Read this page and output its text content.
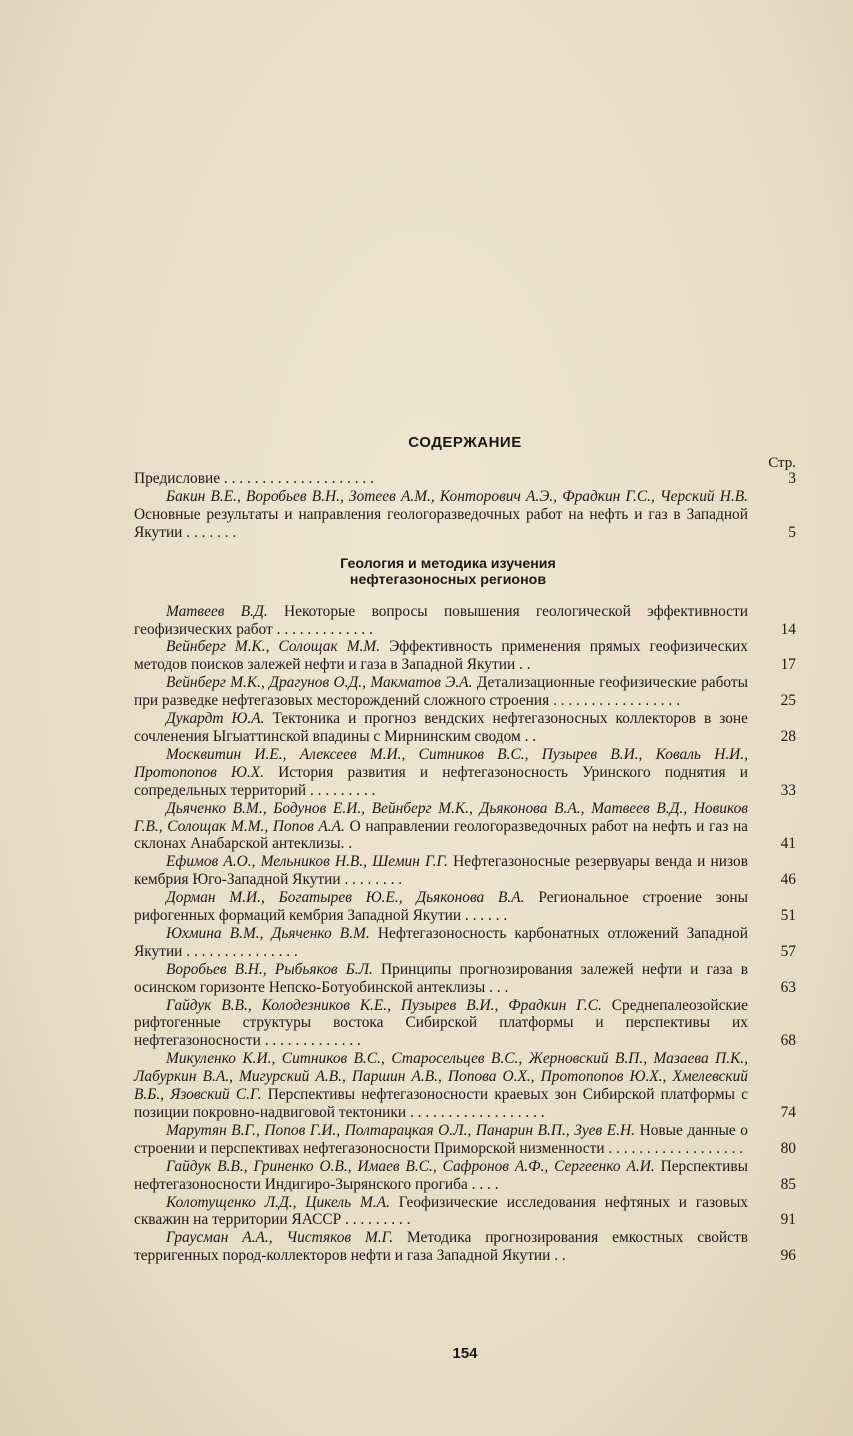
СОДЕРЖАНИЕ
Стр.
Предисловие . . . . . . . . . . . . . . . . . . . .	3
Бакин В.Е., Воробьев В.Н., Зотеев А.М., Конторович А.Э., Фрадкин Г.С., Черский Н.В. Основные результаты и направления геологоразведочных работ на нефть и газ в Западной Якутии . . . . . . .	5
Геология и методика изучения
нефтегазоносных регионов
Матвеев В.Д. Некоторые вопросы повышения геологической эффективности геофизических работ . . . . . . . . . . . . .	14
Вейнберг М.К., Солощак М.М. Эффективность применения прямых геофизических методов поисков залежей нефти и газа в Западной Якутии . .	17
Вейнберг М.К., Драгунов О.Д., Макматов Э.А. Детализационные геофизические работы при разведке нефтегазовых месторождений сложного строения . . . . . . . . . . . . . . . . .	25
Дукардт Ю.А. Тектоника и прогноз вендских нефтегазоносных коллекторов в зоне сочленения Ыгыаттинской впадины с Мирнинским сводом . .	28
Москвитин И.Е., Алексеев М.И., Ситников В.С., Пузырев В.И., Коваль Н.И., Протопопов Ю.Х. История развития и нефтегазоносность Уринского поднятия и сопредельных территорий . . . . . . . . .	33
Дьяченко В.М., Бодунов Е.И., Вейнберг М.К., Дьяконова В.А., Матвеев В.Д., Новиков Г.В., Солощак М.М., Попов А.А. О направлении геологоразведочных работ на нефть и газ на склонах Анабарской антеклизы. .	41
Ефимов А.О., Мельников Н.В., Шемин Г.Г. Нефтегазоносные резервуары венда и низов кембрия Юго-Западной Якутии . . . . . . . .	46
Дорман М.И., Богатырев Ю.Е., Дьяконова В.А. Региональное строение зоны рифогенных формаций кембрия Западной Якутии . . . . . .	51
Юхмина В.М., Дьяченко В.М. Нефтегазоносность карбонатных отложений Западной Якутии . . . . . . . . . . . . . . .	57
Воробьев В.Н., Рыбьяков Б.Л. Принципы прогнозирования залежей нефти и газа в осинском горизонте Непско-Ботуобинской антеклизы . . .	63
Гайдук В.В., Колодезников К.Е., Пузырев В.И., Фрадкин Г.С. Среднепалеозойские рифтогенные структуры востока Сибирской платформы и перспективы их нефтегазоносности . . . . . . . . . . . . .	68
Микуленко К.И., Ситников В.С., Старосельцев В.С., Жерновский В.П., Мазаева П.К., Лабуркин В.А., Мигурский А.В., Паршин А.В., Попова О.Х., Протопопов Ю.Х., Хмелевский В.Б., Язовский С.Г. Перспективы нефтегазоносности краевых зон Сибирской платформы с позиции покровно-надвиговой тектоники . . . . . . . . . . . . . . . . . .	74
Марутян В.Г., Попов Г.И., Полтарацкая О.Л., Панарин В.П., Зуев Е.Н. Новые данные о строении и перспективах нефтегазоносности Приморской низменности . . . . . . . . . . . . . . . . . .	80
Гайдук В.В., Гриненко О.В., Имаев В.С., Сафронов А.Ф., Сергеенко А.И. Перспективы нефтегазоносности Индигиро-Зырянского прогиба . . . .	85
Колотущенко Л.Д., Цикель М.А. Геофизические исследования нефтяных и газовых скважин на территории ЯАССР . . . . . . . . .	91
Граусман А.А., Чистяков М.Г. Методика прогнозирования емкостных свойств терригенных пород-коллекторов нефти и газа Западной Якутии . .	96
154
